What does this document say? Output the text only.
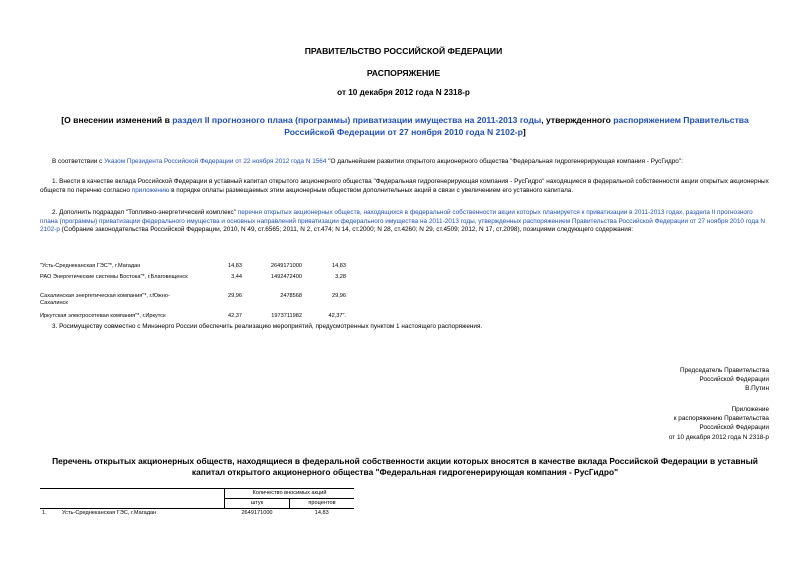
ПРАВИТЕЛЬСТВО РОССИЙСКОЙ ФЕДЕРАЦИИ
РАСПОРЯЖЕНИЕ
от 10 декабря 2012 года N 2318-р
[О внесении изменений в раздел II прогнозного плана (программы) приватизации имущества на 2011-2013 годы, утвержденного распоряжением Правительства Российской Федерации от 27 ноября 2010 года N 2102-р]
В соответствии с Указом Президента Российской Федерации от 22 ноября 2012 года N 1564 "О дальнейшем развитии открытого акционерного общества "Федеральная гидрогенерирующая компания - РусГидро":
1. Внести в качестве вклада Российской Федерации в уставный капитал открытого акционерного общества "Федеральная гидрогенерирующая компания - РусГидро" находящиеся в федеральной собственности акции открытых акционерных обществ по перечню согласно приложению в порядке оплаты размещаемых этим акционерным обществом дополнительных акций в связи с увеличением его уставного капитала.
2. Дополнить подраздел "Топливно-энергетический комплекс" перечня открытых акционерных обществ, находящихся в федеральной собственности акции которых планируется к приватизации в 2011-2013 годах, раздела II прогнозного плана (программы) приватизации федерального имущества и основных направлений приватизации федерального имущества на 2011-2013 годы, утвержденных распоряжением Правительства Российской Федерации от 27 ноября 2010 года N 2102-р (Собрание законодательства Российской Федерации, 2010, N 49, ст.6565; 2011, N 2, ст.474; N 14, ст.2000; N 28, ст.4260; N 29, ст.4509; 2012, N 17, ст.2098), позициями следующего содержания:
"Усть-Среднеканская ГЭС"*, г.Магадан	14,83	2649171000	14,83
РАО Энергетические системы Востока"*, г.Благовещенск	3,44	1492472400	3,28
Сахалинская энергетическая компания"*, г.Южно-Сахалинск	29,96	2478568	29,96
Иркутская электросетевая компания"*, г.Иркутск	42,37	1973711982	42,37".
3. Росимуществу совместно с Минэнерго России обеспечить реализацию мероприятий, предусмотренных пунктом 1 настоящего распоряжения.
Председатель Правительства
Российской Федерации
В.Путин
Приложение
к распоряжению Правительства
Российской Федерации
от 10 декабря 2012 года N 2318-р
Перечень открытых акционерных обществ, находящиеся в федеральной собственности акции которых вносятся в качестве вклада Российской Федерации в уставный капитал открытого акционерного общества "Федеральная гидрогенерирующая компания - РусГидро"
		Количество вносимых акций	
		штук	процентов
1.	Усть-Среднеканская ГЭС, г.Магадан	2649171000	14,83
